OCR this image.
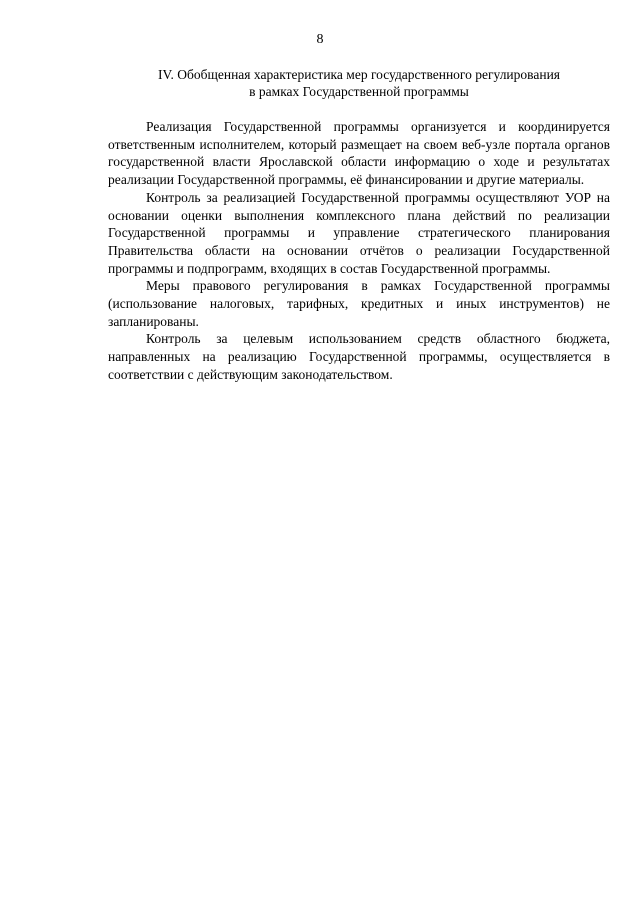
8
IV. Обобщенная характеристика мер государственного регулирования
в рамках Государственной программы

Реализация Государственной программы организуется и координируется ответственным исполнителем, который размещает на своем веб-узле портала органов государственной власти Ярославской области информацию о ходе и результатах реализации Государственной программы, её финансировании и другие материалы.

Контроль за реализацией Государственной программы осуществляют УОР на основании оценки выполнения комплексного плана действий по реализации Государственной программы и управление стратегического планирования Правительства области на основании отчётов о реализации Государственной программы и подпрограмм, входящих в состав Государственной программы.

Меры правового регулирования в рамках Государственной программы (использование налоговых, тарифных, кредитных и иных инструментов) не запланированы.

Контроль за целевым использованием средств областного бюджета, направленных на реализацию Государственной программы, осуществляется в соответствии с действующим законодательством.
